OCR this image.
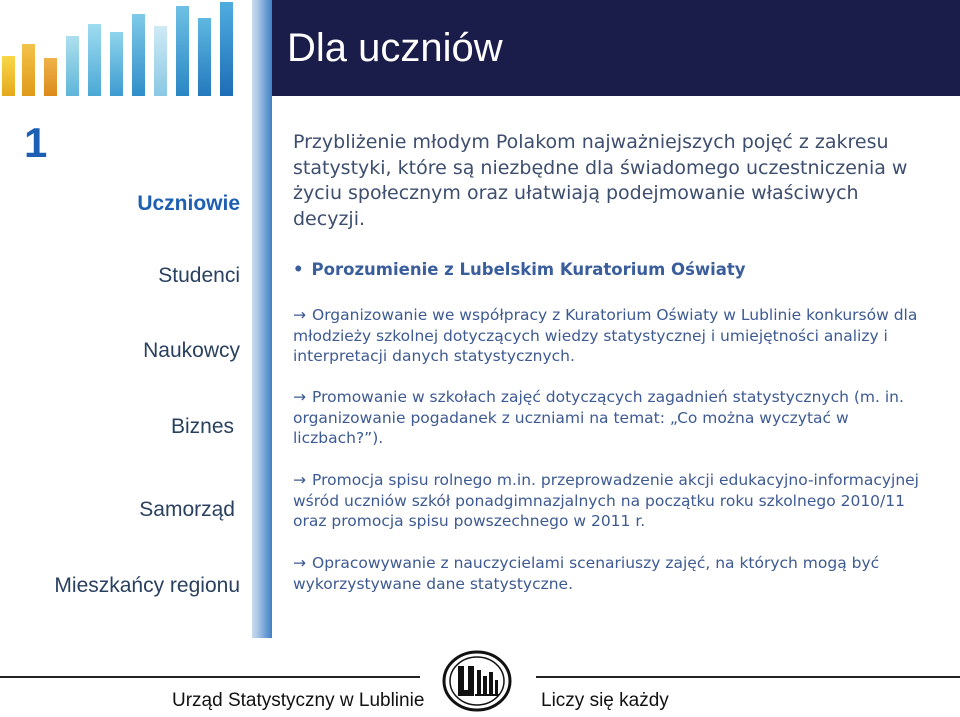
Dla uczniów
1
Uczniowie
Studenci
Naukowcy
Biznes
Samorząd
Mieszkańcy regionu

Przybliżenie młodym Polakom najważniejszych pojęć z zakresu statystyki, które są niezbędne dla świadomego uczestniczenia w życiu społecznym oraz ułatwiają podejmowanie właściwych decyzji.

• Porozumienie z Lubelskim Kuratorium Oświaty

→ Organizowanie we współpracy z Kuratorium Oświaty w Lublinie konkursów dla młodzieży szkolnej dotyczących wiedzy statystycznej i umiejętności analizy i interpretacji danych statystycznych.

→ Promowanie w szkołach zajęć dotyczących zagadnień statystycznych (m. in. organizowanie pogadanek z uczniami na temat: „Co można wyczytać w liczbach?”).

→ Promocja spisu rolnego m.in. przeprowadzenie akcji edukacyjno-informacyjnej wśród uczniów szkół ponadgimnazjalnych na początku roku szkolnego 2010/11 oraz promocja spisu powszechnego w 2011 r.

→ Opracowywanie z nauczycielami scenariuszy zajęć, na których mogą być wykorzystywane dane statystyczne.

Urząd Statystyczny w Lublinie	Liczy się każdy
